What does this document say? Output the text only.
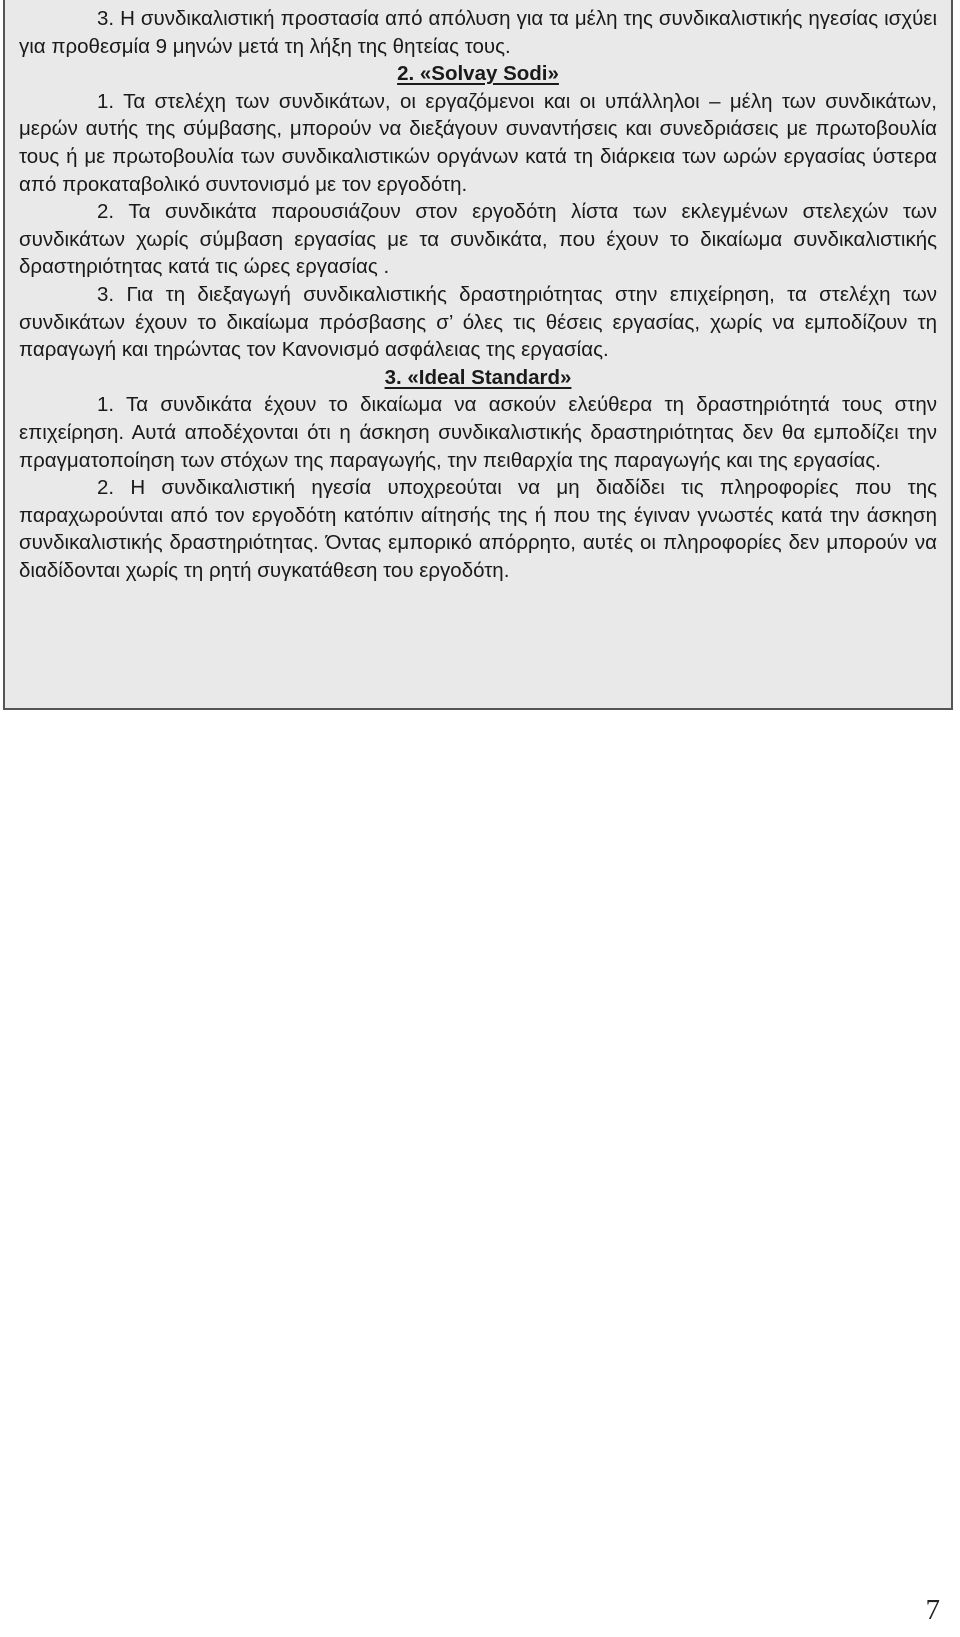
3. Η συνδικαλιστική προστασία από απόλυση για τα μέλη της συνδικαλιστικής ηγεσίας ισχύει για προθεσμία 9 μηνών μετά τη λήξη της θητείας τους.

2. «Solvay Sodi»

1. Τα στελέχη των συνδικάτων, οι εργαζόμενοι και οι υπάλληλοι – μέλη των συνδικάτων, μερών αυτής της σύμβασης, μπορούν να διεξάγουν συναντήσεις και συνεδριάσεις με πρωτοβουλία τους ή με πρωτοβουλία των συνδικαλιστικών οργάνων κατά τη διάρκεια των ωρών εργασίας ύστερα από προκαταβολικό συντονισμό με τον εργοδότη.

2. Τα συνδικάτα παρουσιάζουν στον εργοδότη λίστα των εκλεγμένων στελεχών των συνδικάτων χωρίς σύμβαση εργασίας με τα συνδικάτα, που έχουν το δικαίωμα συνδικαλιστικής δραστηριότητας κατά τις ώρες εργασίας .

3. Για τη διεξαγωγή συνδικαλιστικής δραστηριότητας στην επιχείρηση, τα στελέχη των συνδικάτων έχουν το δικαίωμα πρόσβασης σ’ όλες τις θέσεις εργασίας, χωρίς να εμποδίζουν τη παραγωγή και τηρώντας τον Κανονισμό ασφάλειας της εργασίας.

3. «Ideal Standard»

1. Τα συνδικάτα έχουν το δικαίωμα να ασκούν ελεύθερα τη δραστηριότητά τους στην επιχείρηση. Αυτά αποδέχονται ότι η άσκηση συνδικαλιστικής δραστηριότητας δεν θα εμποδίζει την πραγματοποίηση των στόχων της παραγωγής, την πειθαρχία της παραγωγής και της εργασίας.

2. Η συνδικαλιστική ηγεσία υποχρεούται να μη διαδίδει τις πληροφορίες που της παραχωρούνται από τον εργοδότη κατόπιν αίτησής της ή που της έγιναν γνωστές κατά την άσκηση συνδικαλιστικής δραστηριότητας. Όντας εμπορικό απόρρητο, αυτές οι πληροφορίες δεν μπορούν να διαδίδονται χωρίς τη ρητή συγκατάθεση του εργοδότη.

7
